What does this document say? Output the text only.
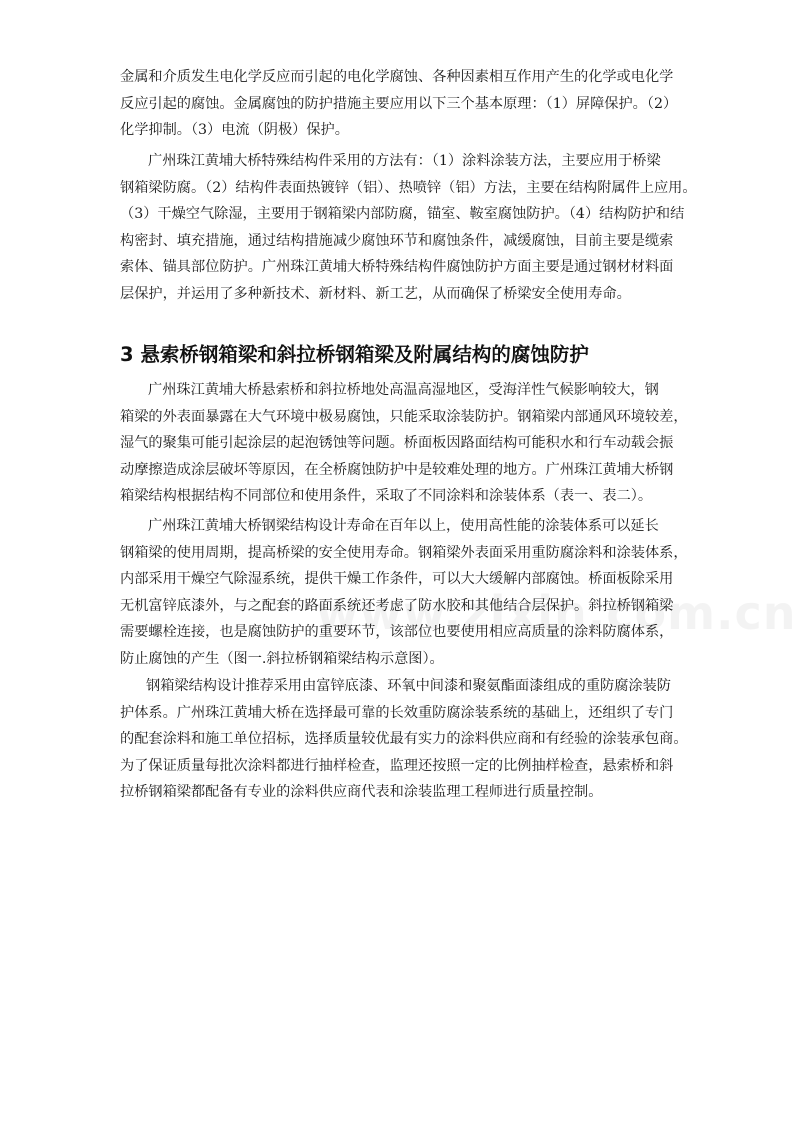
金属和介质发生电化学反应而引起的电化学腐蚀、各种因素相互作用产生的化学或电化学
反应引起的腐蚀。金属腐蚀的防护措施主要应用以下三个基本原理：（1）屏障保护。（2）
化学抑制。（3）电流（阴极）保护。
广州珠江黄埔大桥特殊结构件采用的方法有：（1）涂料涂装方法，主要应用于桥梁
钢箱梁防腐。（2）结构件表面热镀锌（铝）、热喷锌（铝）方法，主要在结构附属件上应用。
（3）干燥空气除湿，主要用于钢箱梁内部防腐，锚室、鞍室腐蚀防护。（4）结构防护和结
构密封、填充措施，通过结构措施减少腐蚀环节和腐蚀条件，减缓腐蚀，目前主要是缆索
索体、锚具部位防护。广州珠江黄埔大桥特殊结构件腐蚀防护方面主要是通过钢材材料面
层保护，并运用了多种新技术、新材料、新工艺，从而确保了桥梁安全使用寿命。
3 悬索桥钢箱梁和斜拉桥钢箱梁及附属结构的腐蚀防护
广州珠江黄埔大桥悬索桥和斜拉桥地处高温高湿地区，受海洋性气候影响较大，钢
箱梁的外表面暴露在大气环境中极易腐蚀，只能采取涂装防护。钢箱梁内部通风环境较差，
湿气的聚集可能引起涂层的起泡锈蚀等问题。桥面板因路面结构可能积水和行车动载会振
动摩擦造成涂层破坏等原因，在全桥腐蚀防护中是较难处理的地方。广州珠江黄埔大桥钢
箱梁结构根据结构不同部位和使用条件，采取了不同涂料和涂装体系（表一、表二）。
广州珠江黄埔大桥钢梁结构设计寿命在百年以上，使用高性能的涂装体系可以延长
钢箱梁的使用周期，提高桥梁的安全使用寿命。钢箱梁外表面采用重防腐涂料和涂装体系，
内部采用干燥空气除湿系统，提供干燥工作条件，可以大大缓解内部腐蚀。桥面板除采用
无机富锌底漆外，与之配套的路面系统还考虑了防水胶和其他结合层保护。斜拉桥钢箱梁
需要螺栓连接，也是腐蚀防护的重要环节，该部位也要使用相应高质量的涂料防腐体系，
防止腐蚀的产生（图一.斜拉桥钢箱梁结构示意图）。
钢箱梁结构设计推荐采用由富锌底漆、环氧中间漆和聚氨酯面漆组成的重防腐涂装防
护体系。广州珠江黄埔大桥在选择最可靠的长效重防腐涂装系统的基础上，还组织了专门
的配套涂料和施工单位招标，选择质量较优最有实力的涂料供应商和有经验的涂装承包商。
为了保证质量每批次涂料都进行抽样检查，监理还按照一定的比例抽样检查，悬索桥和斜
拉桥钢箱梁都配备有专业的涂料供应商代表和涂装监理工程师进行质量控制。
